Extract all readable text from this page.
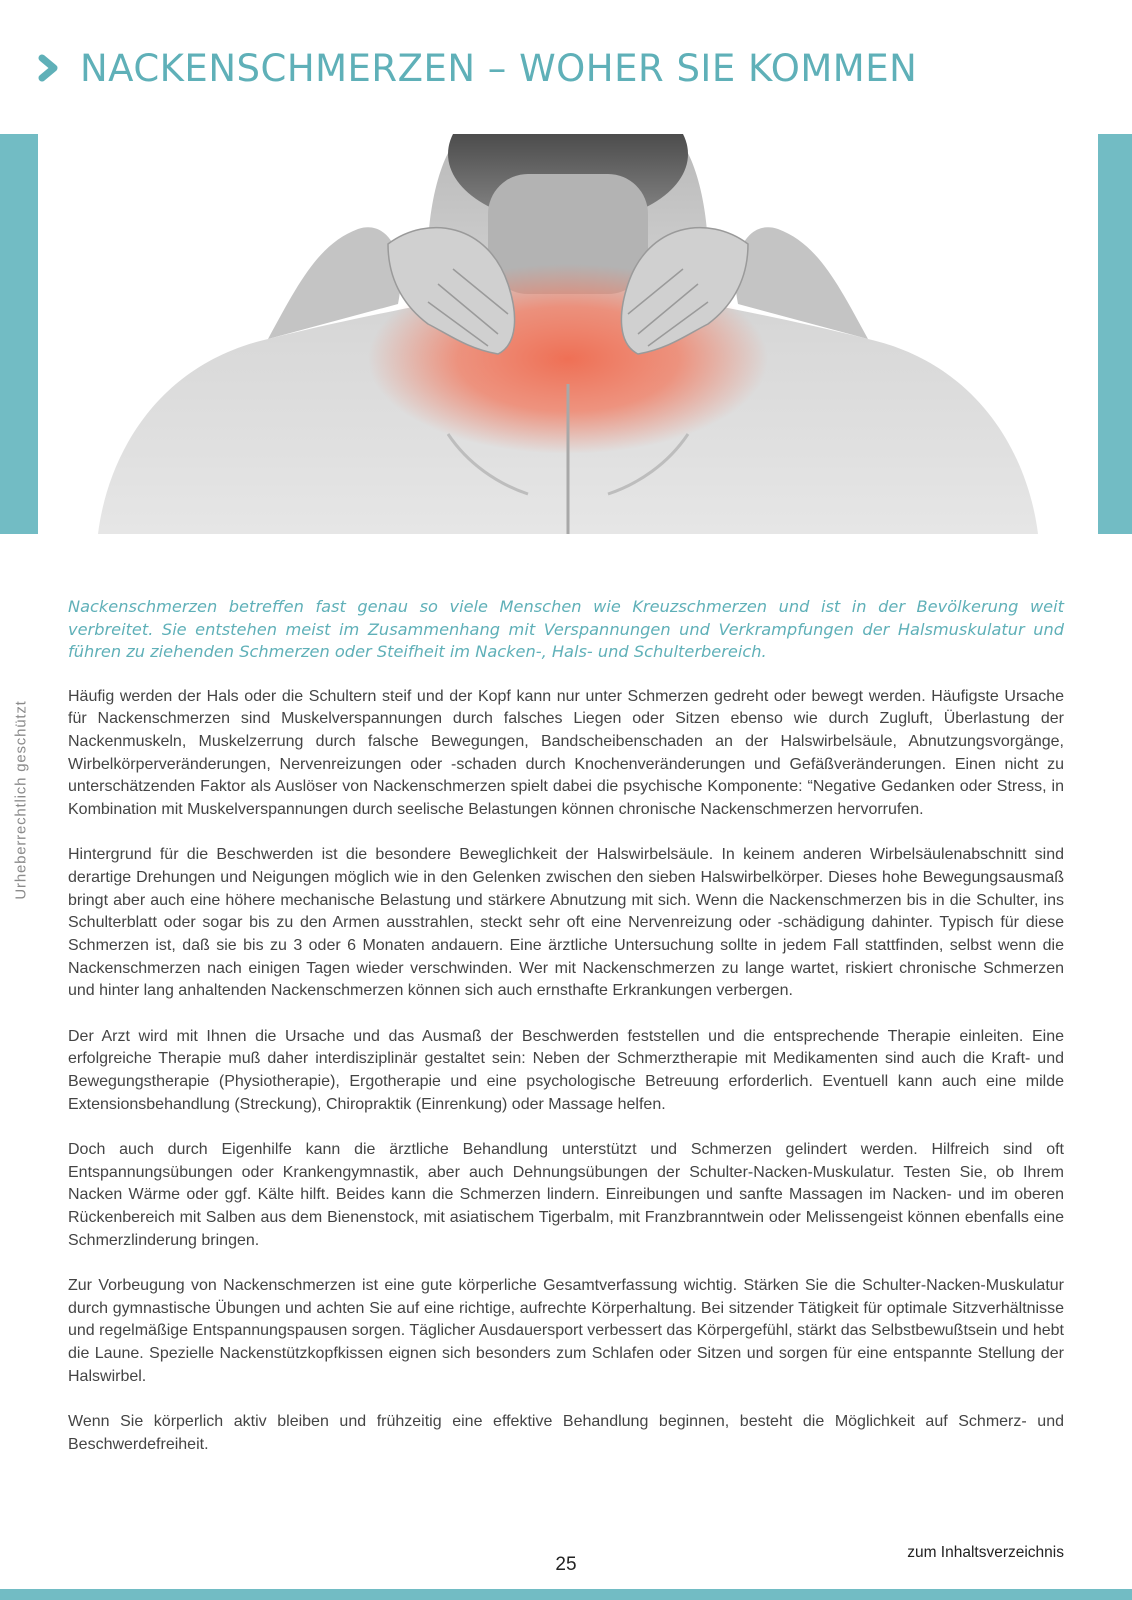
NACKENSCHMERZEN – WOHER SIE KOMMEN
Urheberrechtlich geschützt

Nackenschmerzen betreffen fast genau so viele Menschen wie Kreuzschmerzen und ist in der Bevölkerung weit verbreitet. Sie entstehen meist im Zusammenhang mit Verspannungen und Verkrampfungen der Halsmuskulatur und führen zu ziehenden Schmerzen oder Steifheit im Nacken-, Hals- und Schulterbereich.

Häufig werden der Hals oder die Schultern steif und der Kopf kann nur unter Schmerzen gedreht oder bewegt werden. Häufigste Ursache für Nackenschmerzen sind Muskelverspannungen durch falsches Liegen oder Sitzen ebenso wie durch Zugluft, Überlastung der Nackenmuskeln, Muskelzerrung durch falsche Bewegungen, Bandscheibenschaden an der Halswirbelsäule, Abnutzungsvorgänge, Wirbelkörperveränderungen, Nervenreizungen oder -schaden durch Knochenveränderungen und Gefäßveränderungen. Einen nicht zu unterschätzenden Faktor als Auslöser von Nackenschmerzen spielt dabei die psychische Komponente: “Negative Gedanken oder Stress, in Kombination mit Muskelverspannungen durch seelische Belastungen können chronische Nackenschmerzen hervorrufen.

Hintergrund für die Beschwerden ist die besondere Beweglichkeit der Halswirbelsäule. In keinem anderen Wirbelsäulenabschnitt sind derartige Drehungen und Neigungen möglich wie in den Gelenken zwischen den sieben Halswirbelkörper. Dieses hohe Bewegungsausmaß bringt aber auch eine höhere mechanische Belastung und stärkere Abnutzung mit sich. Wenn die Nackenschmerzen bis in die Schulter, ins Schulterblatt oder sogar bis zu den Armen ausstrahlen, steckt sehr oft eine Nervenreizung oder -schädigung dahinter. Typisch für diese Schmerzen ist, daß sie bis zu 3 oder 6 Monaten andauern. Eine ärztliche Untersuchung sollte in jedem Fall stattfinden, selbst wenn die Nackenschmerzen nach einigen Tagen wieder verschwinden. Wer mit Nackenschmerzen zu lange wartet, riskiert chronische Schmerzen und hinter lang anhaltenden Nackenschmerzen können sich auch ernsthafte Erkrankungen verbergen.

Der Arzt wird mit Ihnen die Ursache und das Ausmaß der Beschwerden feststellen und die entsprechende Therapie einleiten. Eine erfolgreiche Therapie muß daher interdisziplinär gestaltet sein: Neben der Schmerztherapie mit Medikamenten sind auch die Kraft- und Bewegungstherapie (Physiotherapie), Ergotherapie und eine psychologische Betreuung erforderlich. Eventuell kann auch eine milde Extensionsbehandlung (Streckung), Chiropraktik (Einrenkung) oder Massage helfen.

Doch auch durch Eigenhilfe kann die ärztliche Behandlung unterstützt und Schmerzen gelindert werden. Hilfreich sind oft Entspannungsübungen oder Krankengymnastik, aber auch Dehnungsübungen der Schulter-Nacken-Muskulatur. Testen Sie, ob Ihrem Nacken Wärme oder ggf. Kälte hilft. Beides kann die Schmerzen lindern. Einreibungen und sanfte Massagen im Nacken- und im oberen Rückenbereich mit Salben aus dem Bienenstock, mit asiatischem Tigerbalm, mit Franzbranntwein oder Melissengeist können ebenfalls eine Schmerzlinderung bringen.

Zur Vorbeugung von Nackenschmerzen ist eine gute körperliche Gesamtverfassung wichtig. Stärken Sie die Schulter-Nacken-Muskulatur durch gymnastische Übungen und achten Sie auf eine richtige, aufrechte Körperhaltung. Bei sitzender Tätigkeit für optimale Sitzverhältnisse und regelmäßige Entspannungspausen sorgen. Täglicher Ausdauersport verbessert das Körpergefühl, stärkt das Selbstbewußtsein und hebt die Laune. Spezielle Nackenstützkopfkissen eignen sich besonders zum Schlafen oder Sitzen und sorgen für eine entspannte Stellung der Halswirbel.

Wenn Sie körperlich aktiv bleiben und frühzeitig eine effektive Behandlung beginnen, besteht die Möglichkeit auf Schmerz- und Beschwerdefreiheit.

25
zum Inhaltsverzeichnis
